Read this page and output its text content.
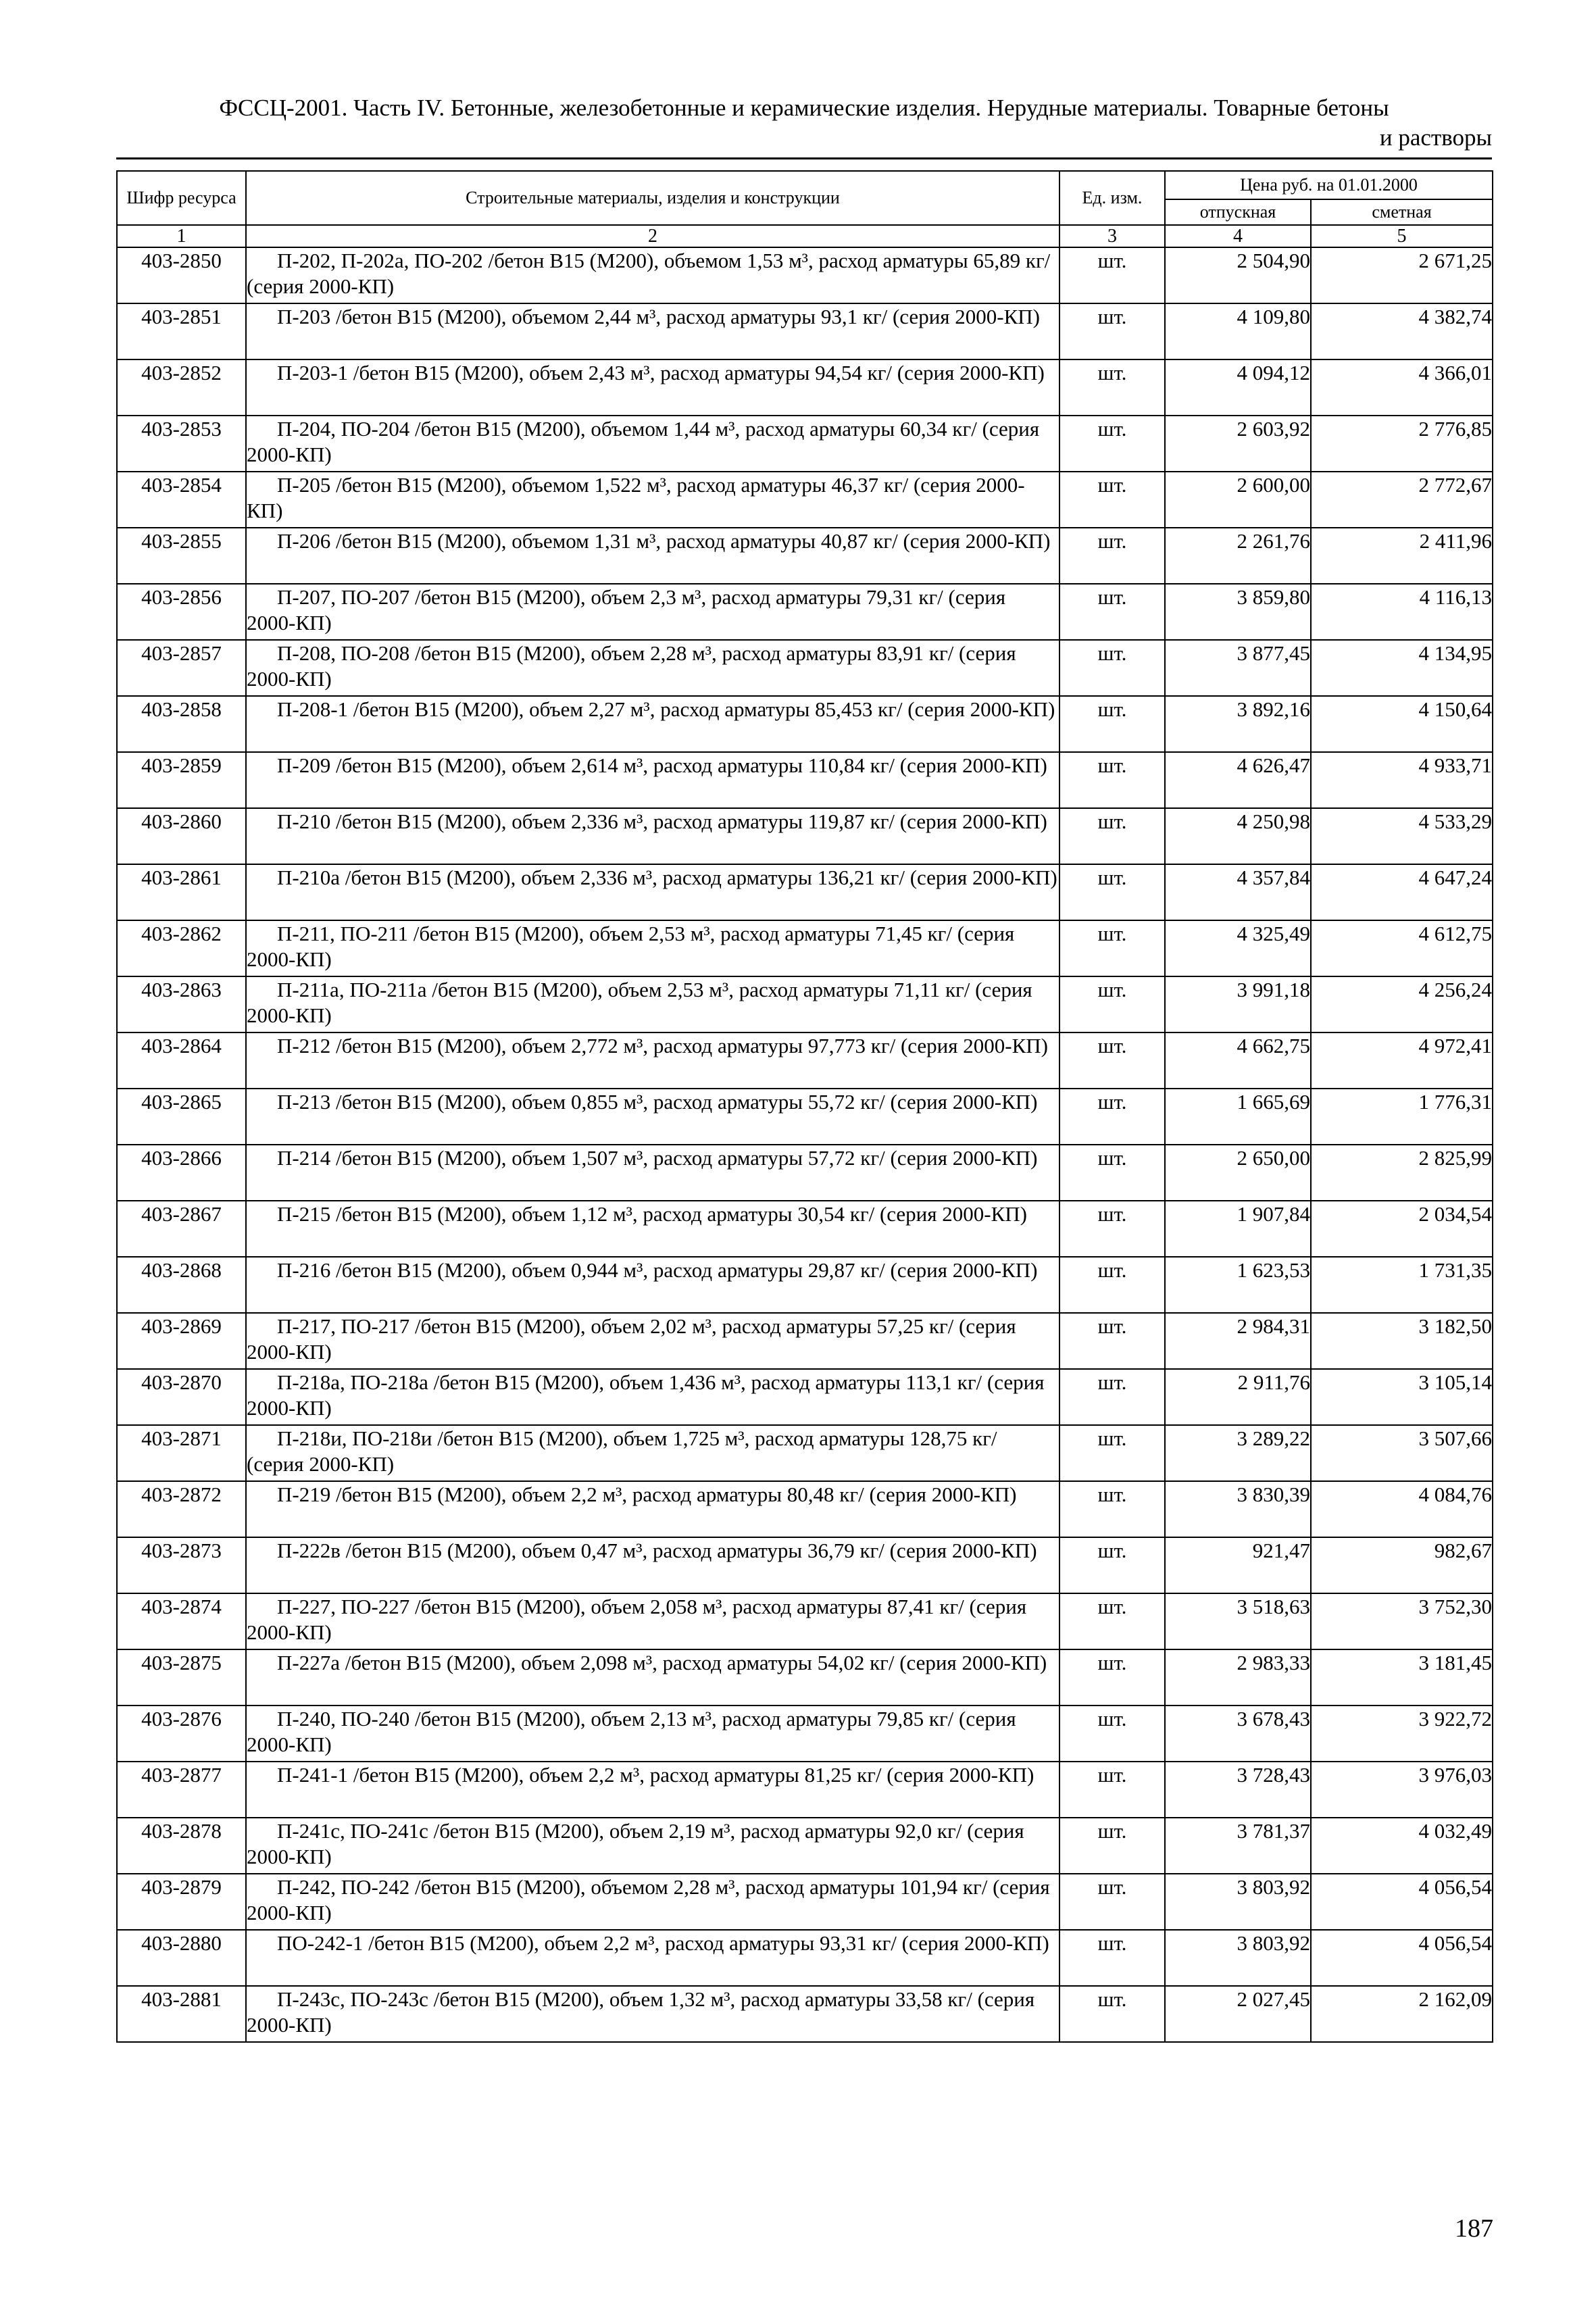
ФССЦ-2001. Часть IV. Бетонные, железобетонные и керамические изделия. Нерудные материалы. Товарные бетоны
и растворы
Шифр ресурса	Строительные материалы, изделия и конструкции	Ед. изм.	Цена руб. на 01.01.2000	
			отпускная	сметная
1	2	3	4	5
403-2850	П-202, П-202а, ПО-202 /бетон В15 (М200), объемом 1,53 м³, расход арматуры 65,89 кг/ (серия 2000-КП)	шт.	2 504,90	2 671,25
403-2851	П-203 /бетон В15 (М200), объемом 2,44 м³, расход арматуры 93,1 кг/ (серия 2000-КП)	шт.	4 109,80	4 382,74
403-2852	П-203-1 /бетон В15 (М200), объем 2,43 м³, расход арматуры 94,54 кг/ (серия 2000-КП)	шт.	4 094,12	4 366,01
403-2853	П-204, ПО-204 /бетон В15 (М200), объемом 1,44 м³, расход арматуры 60,34 кг/ (серия 2000-КП)	шт.	2 603,92	2 776,85
403-2854	П-205 /бетон В15 (М200), объемом 1,522 м³, расход арматуры 46,37 кг/ (серия 2000-КП)	шт.	2 600,00	2 772,67
403-2855	П-206 /бетон В15 (М200), объемом 1,31 м³, расход арматуры 40,87 кг/ (серия 2000-КП)	шт.	2 261,76	2 411,96
403-2856	П-207, ПО-207 /бетон В15 (М200), объем 2,3 м³, расход арматуры 79,31 кг/ (серия 2000-КП)	шт.	3 859,80	4 116,13
403-2857	П-208, ПО-208 /бетон В15 (М200), объем 2,28 м³, расход арматуры 83,91 кг/ (серия 2000-КП)	шт.	3 877,45	4 134,95
403-2858	П-208-1 /бетон В15 (М200), объем 2,27 м³, расход арматуры 85,453 кг/ (серия 2000-КП)	шт.	3 892,16	4 150,64
403-2859	П-209 /бетон В15 (М200), объем 2,614 м³, расход арматуры 110,84 кг/ (серия 2000-КП)	шт.	4 626,47	4 933,71
403-2860	П-210 /бетон В15 (М200), объем 2,336 м³, расход арматуры 119,87 кг/ (серия 2000-КП)	шт.	4 250,98	4 533,29
403-2861	П-210а /бетон В15 (М200), объем 2,336 м³, расход арматуры 136,21 кг/ (серия 2000-КП)	шт.	4 357,84	4 647,24
403-2862	П-211, ПО-211 /бетон В15 (М200), объем 2,53 м³, расход арматуры 71,45 кг/ (серия 2000-КП)	шт.	4 325,49	4 612,75
403-2863	П-211а, ПО-211а /бетон В15 (М200), объем 2,53 м³, расход арматуры 71,11 кг/ (серия 2000-КП)	шт.	3 991,18	4 256,24
403-2864	П-212 /бетон В15 (М200), объем 2,772 м³, расход арматуры 97,773 кг/ (серия 2000-КП)	шт.	4 662,75	4 972,41
403-2865	П-213 /бетон В15 (М200), объем 0,855 м³, расход арматуры 55,72 кг/ (серия 2000-КП)	шт.	1 665,69	1 776,31
403-2866	П-214 /бетон В15 (М200), объем 1,507 м³, расход арматуры 57,72 кг/ (серия 2000-КП)	шт.	2 650,00	2 825,99
403-2867	П-215 /бетон В15 (М200), объем 1,12 м³, расход арматуры 30,54 кг/ (серия 2000-КП)	шт.	1 907,84	2 034,54
403-2868	П-216 /бетон В15 (М200), объем 0,944 м³, расход арматуры 29,87 кг/ (серия 2000-КП)	шт.	1 623,53	1 731,35
403-2869	П-217, ПО-217 /бетон В15 (М200), объем 2,02 м³, расход арматуры 57,25 кг/ (серия 2000-КП)	шт.	2 984,31	3 182,50
403-2870	П-218а, ПО-218а /бетон В15 (М200), объем 1,436 м³, расход арматуры 113,1 кг/ (серия 2000-КП)	шт.	2 911,76	3 105,14
403-2871	П-218и, ПО-218и /бетон В15 (М200), объем 1,725 м³, расход арматуры 128,75 кг/ (серия 2000-КП)	шт.	3 289,22	3 507,66
403-2872	П-219 /бетон В15 (М200), объем 2,2 м³, расход арматуры 80,48 кг/ (серия 2000-КП)	шт.	3 830,39	4 084,76
403-2873	П-222в /бетон В15 (М200), объем 0,47 м³, расход арматуры 36,79 кг/ (серия 2000-КП)	шт.	921,47	982,67
403-2874	П-227, ПО-227 /бетон В15 (М200), объем 2,058 м³, расход арматуры 87,41 кг/ (серия 2000-КП)	шт.	3 518,63	3 752,30
403-2875	П-227а /бетон В15 (М200), объем 2,098 м³, расход арматуры 54,02 кг/ (серия 2000-КП)	шт.	2 983,33	3 181,45
403-2876	П-240, ПО-240 /бетон В15 (М200), объем 2,13 м³, расход арматуры 79,85 кг/ (серия 2000-КП)	шт.	3 678,43	3 922,72
403-2877	П-241-1 /бетон В15 (М200), объем 2,2 м³, расход арматуры 81,25 кг/ (серия 2000-КП)	шт.	3 728,43	3 976,03
403-2878	П-241с, ПО-241с /бетон В15 (М200), объем 2,19 м³, расход арматуры 92,0 кг/ (серия 2000-КП)	шт.	3 781,37	4 032,49
403-2879	П-242, ПО-242 /бетон В15 (М200), объемом 2,28 м³, расход арматуры 101,94 кг/ (серия 2000-КП)	шт.	3 803,92	4 056,54
403-2880	ПО-242-1 /бетон В15 (М200), объем 2,2 м³, расход арматуры 93,31 кг/ (серия 2000-КП)	шт.	3 803,92	4 056,54
403-2881	П-243с, ПО-243с /бетон В15 (М200), объем 1,32 м³, расход арматуры 33,58 кг/ (серия 2000-КП)	шт.	2 027,45	2 162,09
187
